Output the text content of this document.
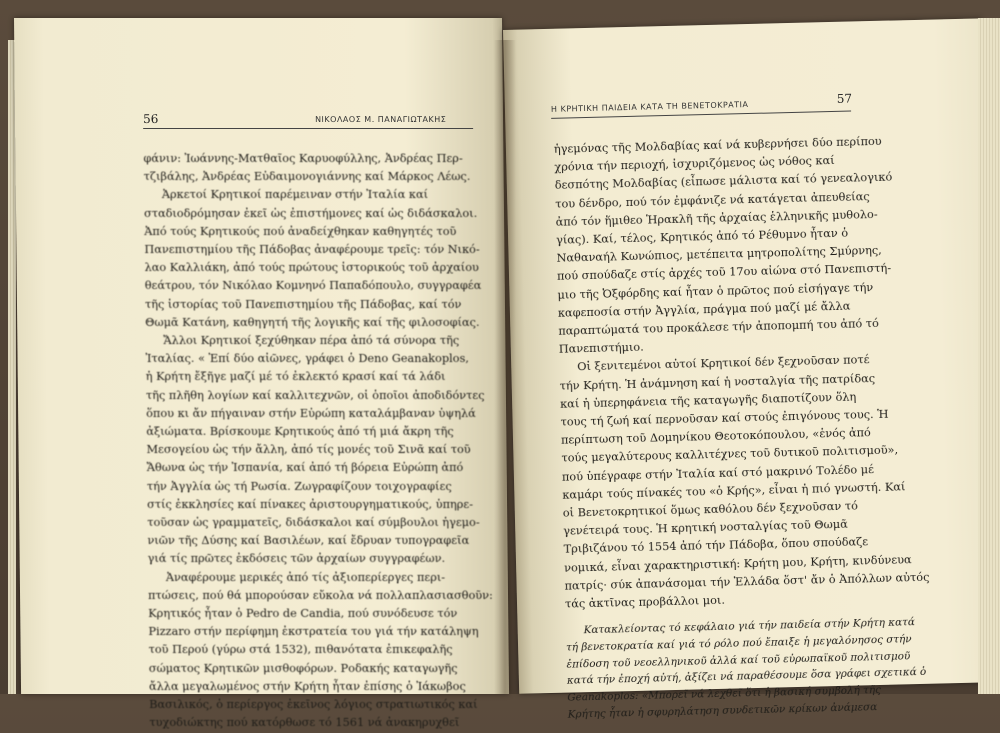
56	ΝΙΚΟΛΑΟΣ Μ. ΠΑΝΑΓΙΩΤΑΚΗΣ
φάνιν: Ἰωάννης-Ματθαῖος Καρυοφύλλης, Ἀνδρέας Περ-
τζιβάλης, Ἀνδρέας Εὐδαιμονογιάννης καί Μάρκος Λέως.
Ἀρκετοί Κρητικοί παρέμειναν στήν Ἰταλία καί
σταδιοδρόμησαν ἐκεῖ ὡς ἐπιστήμονες καί ὡς διδάσκαλοι.
Ἀπό τούς Κρητικούς πού ἀναδείχθηκαν καθηγητές τοῦ
Πανεπιστημίου τῆς Πάδοβας ἀναφέρουμε τρεῖς: τόν Νικό-
λαο Καλλιάκη, ἀπό τούς πρώτους ἱστορικούς τοῦ ἀρχαίου
θεάτρου, τόν Νικόλαο Κομνηνό Παπαδόπουλο, συγγραφέα
τῆς ἱστορίας τοῦ Πανεπιστημίου τῆς Πάδοβας, καί τόν
Θωμᾶ Κατάνη, καθηγητή τῆς λογικῆς καί τῆς φιλοσοφίας.
Ἄλλοι Κρητικοί ξεχύθηκαν πέρα ἀπό τά σύνορα τῆς
Ἰταλίας. « Ἐπί δύο αἰῶνες, γράφει ὁ Deno Geanakoplos,
ἡ Κρήτη ἔξῆγε μαζί μέ τό ἐκλεκτό κρασί καί τά λάδι
τῆς πλῆθη λογίων καί καλλιτεχνῶν, οἱ ὁποῖοι ἀποδιδόντες
ὅπου κι ἄν πήγαιναν στήν Εὐρώπη καταλάμβαναν ὑψηλά
ἀξιώματα. Βρίσκουμε Κρητικούς ἀπό τή μιά ἄκρη τῆς
Μεσογείου ὡς τήν ἄλλη, ἀπό τίς μονές τοῦ Σινᾶ καί τοῦ
Ἄθωνα ὡς τήν Ἰσπανία, καί ἀπό τή βόρεια Εὐρώπη ἀπό
τήν Ἀγγλία ὡς τή Ρωσία. Ζωγραφίζουν τοιχογραφίες
στίς ἐκκλησίες καί πίνακες ἀριστουργηματικούς, ὑπηρε-
τοῦσαν ὡς γραμματεῖς, διδάσκαλοι καί σύμβουλοι ἡγεμο-
νιῶν τῆς Δύσης καί Βασιλέων, καί ἔδρυαν τυπογραφεῖα
γιά τίς πρῶτες ἐκδόσεις τῶν ἀρχαίων συγγραφέων.
Ἀναφέρουμε μερικές ἀπό τίς ἀξιοπερίεργες περι-
πτώσεις, πού θά μπορούσαν εὔκολα νά πολλαπλασιασθοῦν:
Κρητικός ἦταν ὁ Pedro de Candia, πού συνόδευσε τόν
Pizzaro στήν περίφημη ἐκστρατεία του γιά τήν κατάληψη
τοῦ Περού (γύρω στά 1532), πιθανότατα ἐπικεφαλῆς
σώματος Κρητικῶν μισθοφόρων. Ροδακής καταγωγῆς
ἄλλα μεγαλωμένος στήν Κρήτη ἦταν ἐπίσης ὁ Ἰάκωβος
Βασιλικός, ὁ περίεργος ἐκεῖνος λόγιος στρατιωτικός καί
τυχοδιώκτης πού κατόρθωσε τό 1561 νά ἀνακηρυχθεῖ
Η ΚΡΗΤΙΚΗ ΠΑΙΔΕΙΑ ΚΑΤΑ ΤΗ ΒΕΝΕΤΟΚΡΑΤΙΑ
57
ἡγεμόνας τῆς Μολδαβίας καί νά κυβερνήσει δύο περίπου
χρόνια τήν περιοχή, ἰσχυριζόμενος ὡς νόθος καί
δεσπότης Μολδαβίας (εἶπωσε μάλιστα καί τό γενεαλογικό
του δένδρο, πού τόν ἐμφάνιζε νά κατάγεται ἀπευθείας
ἀπό τόν ἥμιθεο Ἡρακλῆ τῆς ἀρχαίας ἑλληνικῆς μυθολο-
γίας). Καί, τέλος, Κρητικός ἀπό τό Ρέθυμνο ἦταν ὁ
Ναθαναήλ Κωνώπιος, μετέπειτα μητροπολίτης Σμύρνης,
πού σπούδαζε στίς ἀρχές τοῦ 17ου αἰώνα στό Πανεπιστή-
μιο τῆς Ὀξφόρδης καί ἦταν ὁ πρῶτος πού εἰσήγαγε τήν
καφεποσία στήν Ἀγγλία, πράγμα πού μαζί μέ ἄλλα
παραπτώματά του προκάλεσε τήν ἀποπομπή του ἀπό τό
Πανεπιστήμιο.
Οἱ ξενιτεμένοι αὐτοί Κρητικοί δέν ξεχνοῦσαν ποτέ
τήν Κρήτη. Ἡ ἀνάμνηση καί ἡ νοσταλγία τῆς πατρίδας
καί ἡ ὑπερηφάνεια τῆς καταγωγῆς διαποτίζουν ὅλη
τους τή ζωή καί περνοῦσαν καί στούς ἐπιγόνους τους. Ἡ
περίπτωση τοῦ Δομηνίκου Θεοτοκόπουλου, «ἑνός ἀπό
τούς μεγαλύτερους καλλιτέχνες τοῦ δυτικοῦ πολιτισμοῦ»,
πού ὑπέγραφε στήν Ἰταλία καί στό μακρινό Τολέδο μέ
καμάρι τούς πίνακές του «ὁ Κρής», εἶναι ἡ πιό γνωστή. Καί
οἱ Βενετοκρητικοί ὅμως καθόλου δέν ξεχνοῦσαν τό
γενέτειρά τους. Ἡ κρητική νοσταλγίας τοῦ Θωμᾶ
Τριβιζάνου τό 1554 ἀπό τήν Πάδοβα, ὅπου σπούδαζε
νομικά, εἶναι χαρακτηριστική: Κρήτη μου, Κρήτη, κινδύνευα
πατρίς· σύκ ἀπανάσομαι τήν Ἑλλάδα ὅστ' ἄν ὁ Ἀπόλλων αὐτός
τάς ἀκτῖνας προβάλλοι μοι.
Κατακλείοντας τό κεφάλαιο γιά τήν παιδεία στήν Κρήτη κατά
τή βενετοκρατία καί γιά τό ρόλο πού ἔπαιξε ἡ μεγαλόνησος στήν
ἐπίδοση τοῦ νεοελληνικοῦ ἀλλά καί τοῦ εὐρωπαϊκοῦ πολιτισμοῦ
κατά τήν ἐποχή αὐτή, ἀξίζει νά παραθέσουμε ὅσα γράφει σχετικά ὁ
Geanakoplos: «Μπορεῖ νά λεχθεῖ ὅτι ἡ βασική συμβολή τῆς
Κρήτης ἦταν ἡ σφυρηλάτηση συνδετικῶν κρίκων ἀνάμεσα
